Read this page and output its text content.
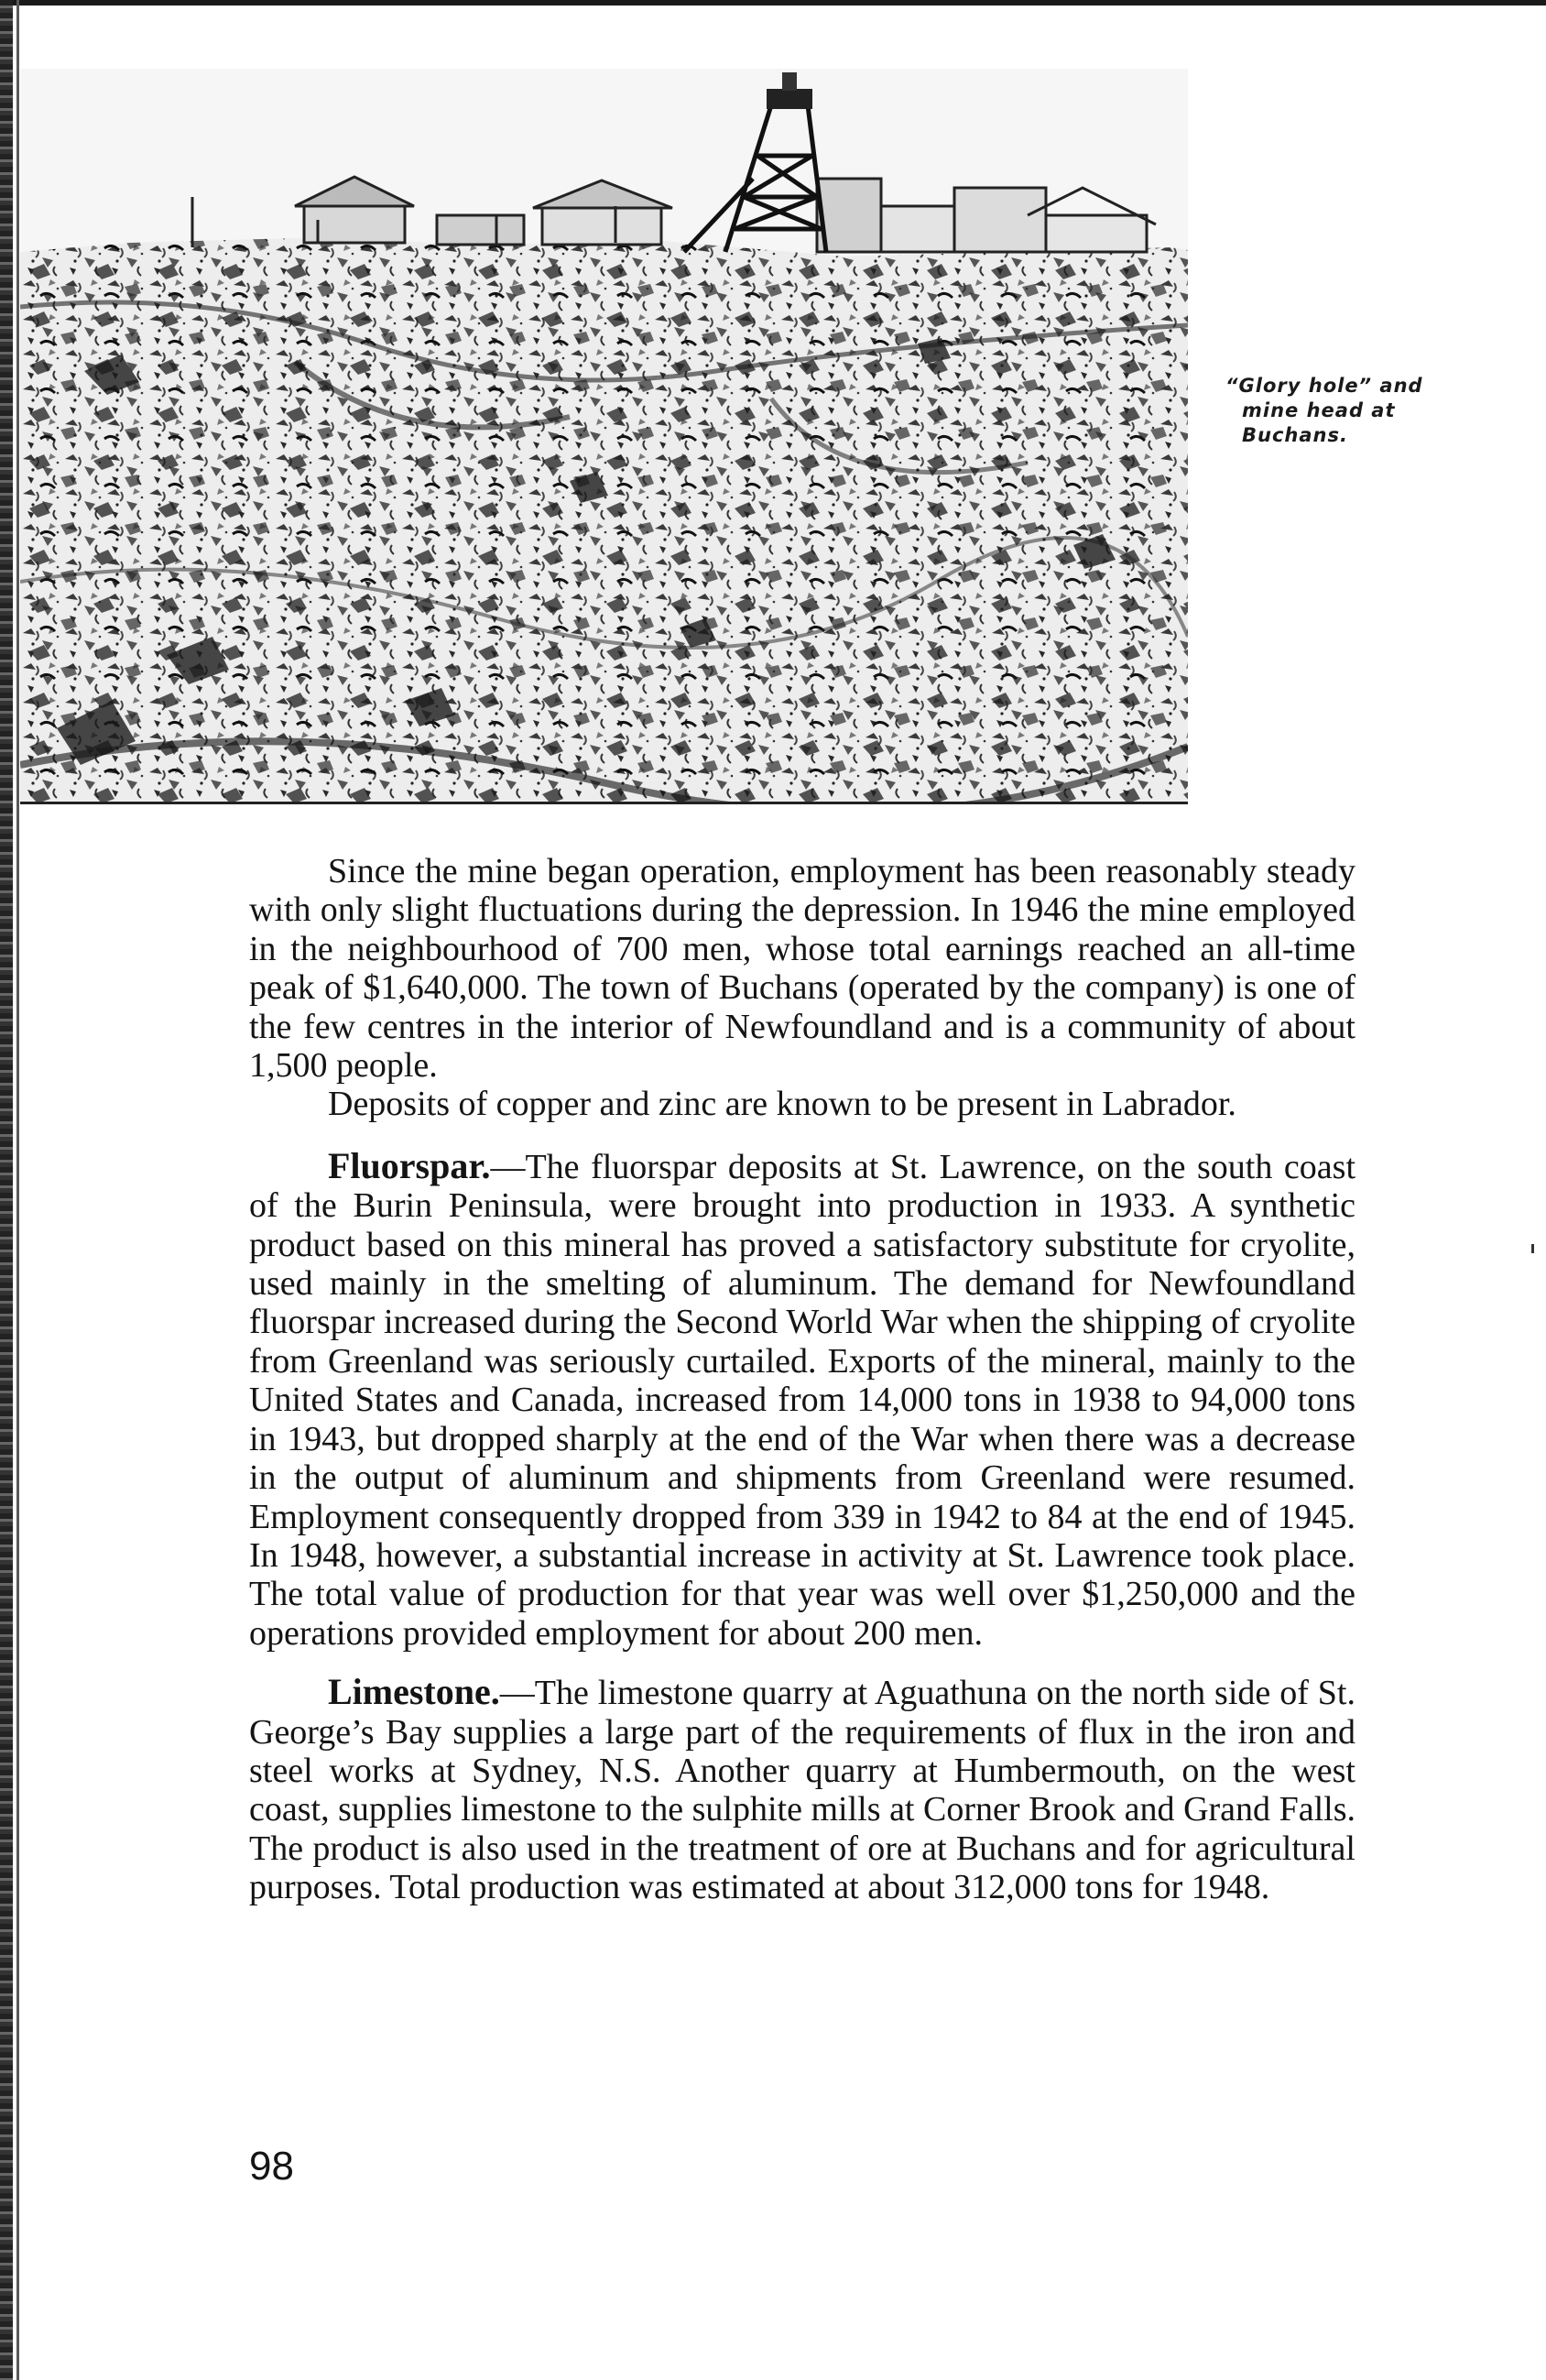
“Glory hole” and
mine head at
Buchans.

Since the mine began operation, employment has been reasonably steady with only slight fluctuations during the depression. In 1946 the mine employed in the neighbourhood of 700 men, whose total earnings reached an all-time peak of $1,640,000. The town of Buchans (operated by the company) is one of the few centres in the interior of Newfoundland and is a community of about 1,500 people.

Deposits of copper and zinc are known to be present in Labrador.

Fluorspar.—The fluorspar deposits at St. Lawrence, on the south coast of the Burin Peninsula, were brought into production in 1933. A synthetic product based on this mineral has proved a satisfactory substitute for cryolite, used mainly in the smelting of aluminum. The demand for Newfoundland fluorspar increased during the Second World War when the shipping of cryolite from Greenland was seriously curtailed. Exports of the mineral, mainly to the United States and Canada, increased from 14,000 tons in 1938 to 94,000 tons in 1943, but dropped sharply at the end of the War when there was a decrease in the output of aluminum and shipments from Greenland were resumed. Employment consequently dropped from 339 in 1942 to 84 at the end of 1945. In 1948, however, a substantial increase in activity at St. Lawrence took place. The total value of production for that year was well over $1,250,000 and the operations provided employment for about 200 men.

Limestone.—The limestone quarry at Aguathuna on the north side of St. George’s Bay supplies a large part of the requirements of flux in the iron and steel works at Sydney, N.S. Another quarry at Humbermouth, on the west coast, supplies limestone to the sulphite mills at Corner Brook and Grand Falls. The product is also used in the treatment of ore at Buchans and for agricultural purposes. Total production was estimated at about 312,000 tons for 1948.

98
